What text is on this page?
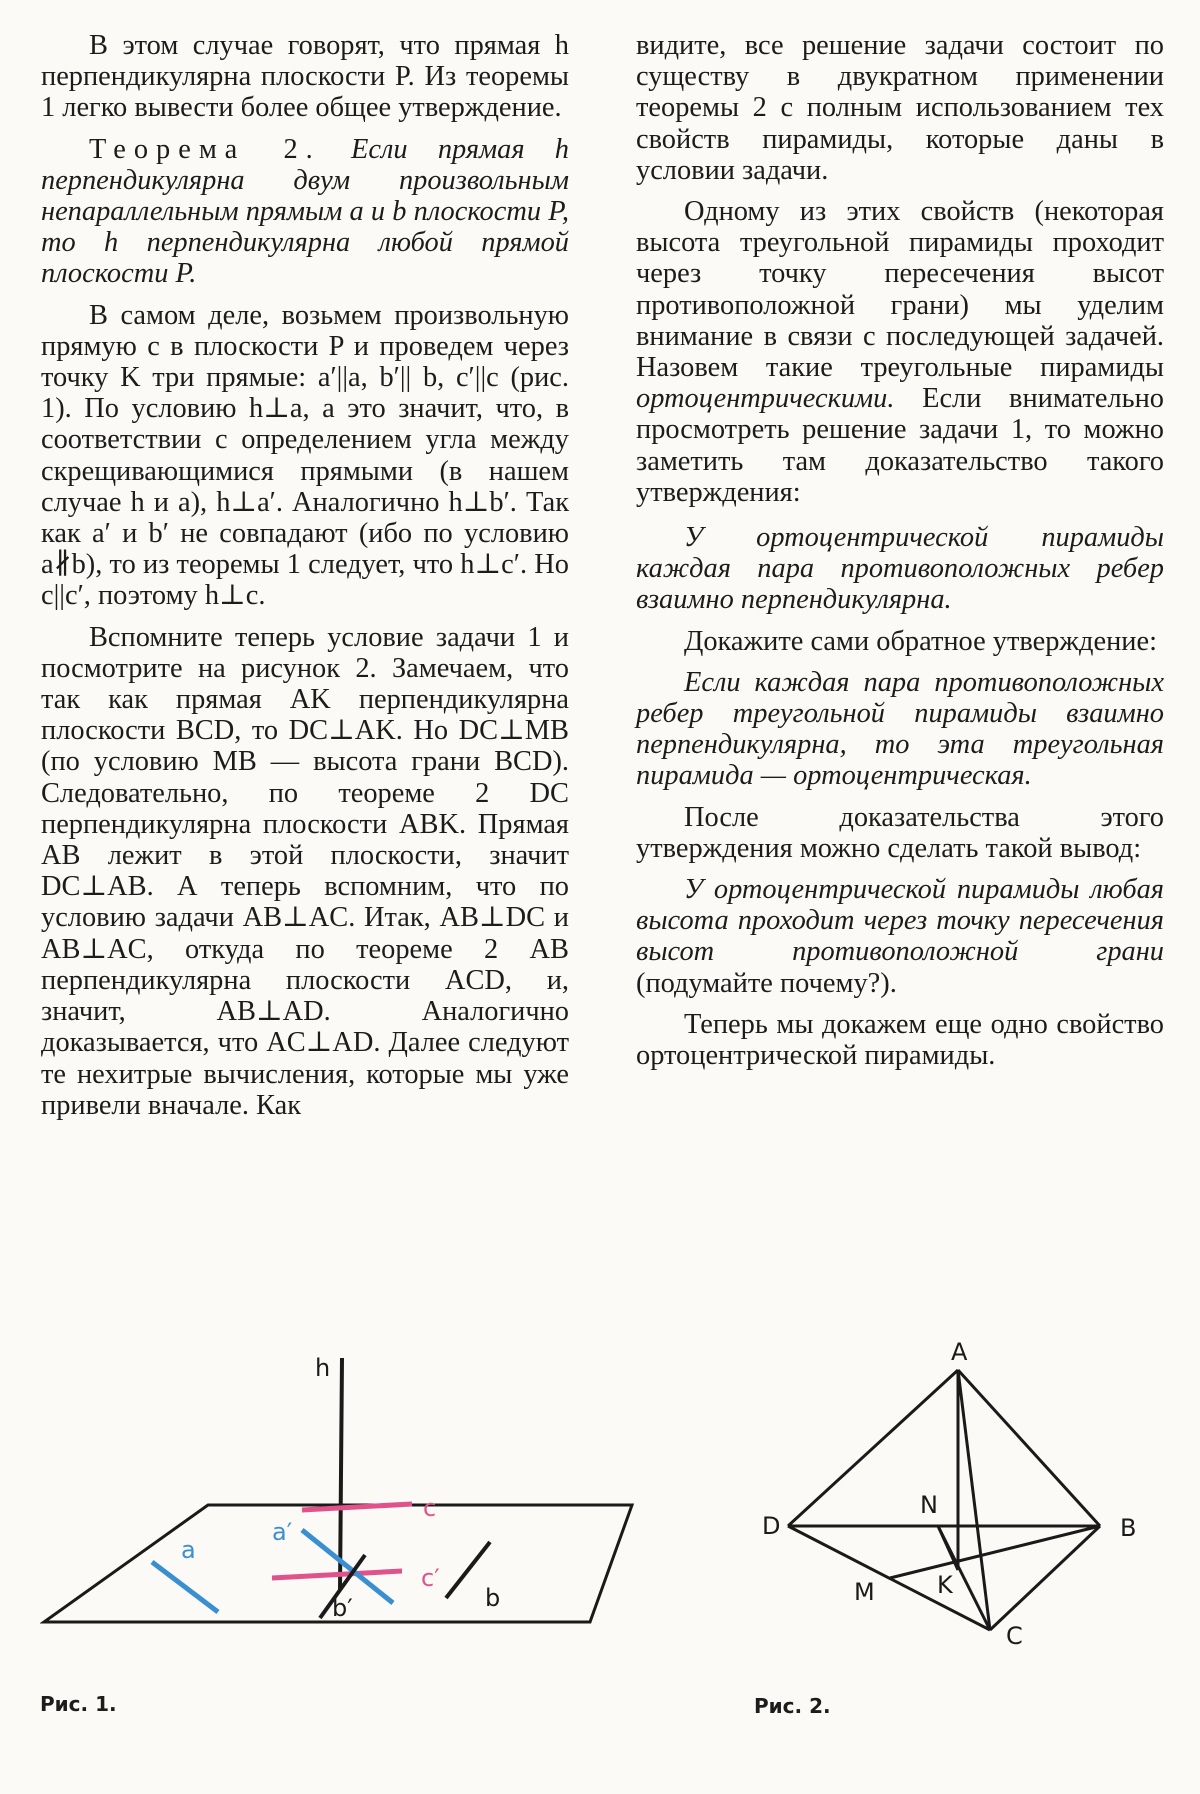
В этом случае говорят, что прямая h перпендикулярна плоскости P. Из теоремы 1 легко вывести более общее утверждение.

Теорема 2. Если прямая h перпендикулярна двум произвольным непараллельным прямым a и b плоскости P, то h перпендикулярна любой прямой плоскости P.

В самом деле, возьмем произвольную прямую c в плоскости P и проведем через точку K три прямые: a′||a, b′|| b, c′||c (рис. 1). По условию h⊥a, а это значит, что, в соответствии с определением угла между скрещивающимися прямыми (в нашем случае h и a), h⊥a′. Аналогично h⊥b′. Так как a′ и b′ не совпадают (ибо по условию a∦b), то из теоремы 1 следует, что h⊥c′. Но c||c′, поэтому h⊥c.

Вспомните теперь условие задачи 1 и посмотрите на рисунок 2. Замечаем, что так как прямая AK перпендикулярна плоскости BCD, то DC⊥AK. Но DC⊥MB (по условию MB — высота грани BCD). Следовательно, по теореме 2 DC перпендикулярна плоскости ABK. Прямая AB лежит в этой плоскости, значит DC⊥AB. А теперь вспомним, что по условию задачи AB⊥AC. Итак, AB⊥DC и AB⊥AC, откуда по теореме 2 AB перпендикулярна плоскости ACD, и, значит, AB⊥AD. Аналогично доказывается, что AC⊥AD. Далее следуют те нехитрые вычисления, которые мы уже привели вначале. Как

видите, все решение задачи состоит по существу в двукратном применении теоремы 2 с полным использованием тех свойств пирамиды, которые даны в условии задачи.

Одному из этих свойств (некоторая высота треугольной пирамиды проходит через точку пересечения высот противоположной грани) мы уделим внимание в связи с последующей задачей. Назовем такие треугольные пирамиды ортоцентрическими. Если внимательно просмотреть решение задачи 1, то можно заметить там доказательство такого утверждения:

У ортоцентрической пирамиды каждая пара противоположных ребер взаимно перпендикулярна.

Докажите сами обратное утверждение:

Если каждая пара противоположных ребер треугольной пирамиды взаимно перпендикулярна, то эта треугольная пирамида — ортоцентрическая.

После доказательства этого утверждения можно сделать такой вывод:

У ортоцентрической пирамиды любая высота проходит через точку пересечения высот противоположной грани (подумайте почему?).

Теперь мы докажем еще одно свойство ортоцентрической пирамиды.

h
a
a′
c
c′
b
b′
Рис. 1.
A
D	B
N
K
M
C
Рис. 2.
